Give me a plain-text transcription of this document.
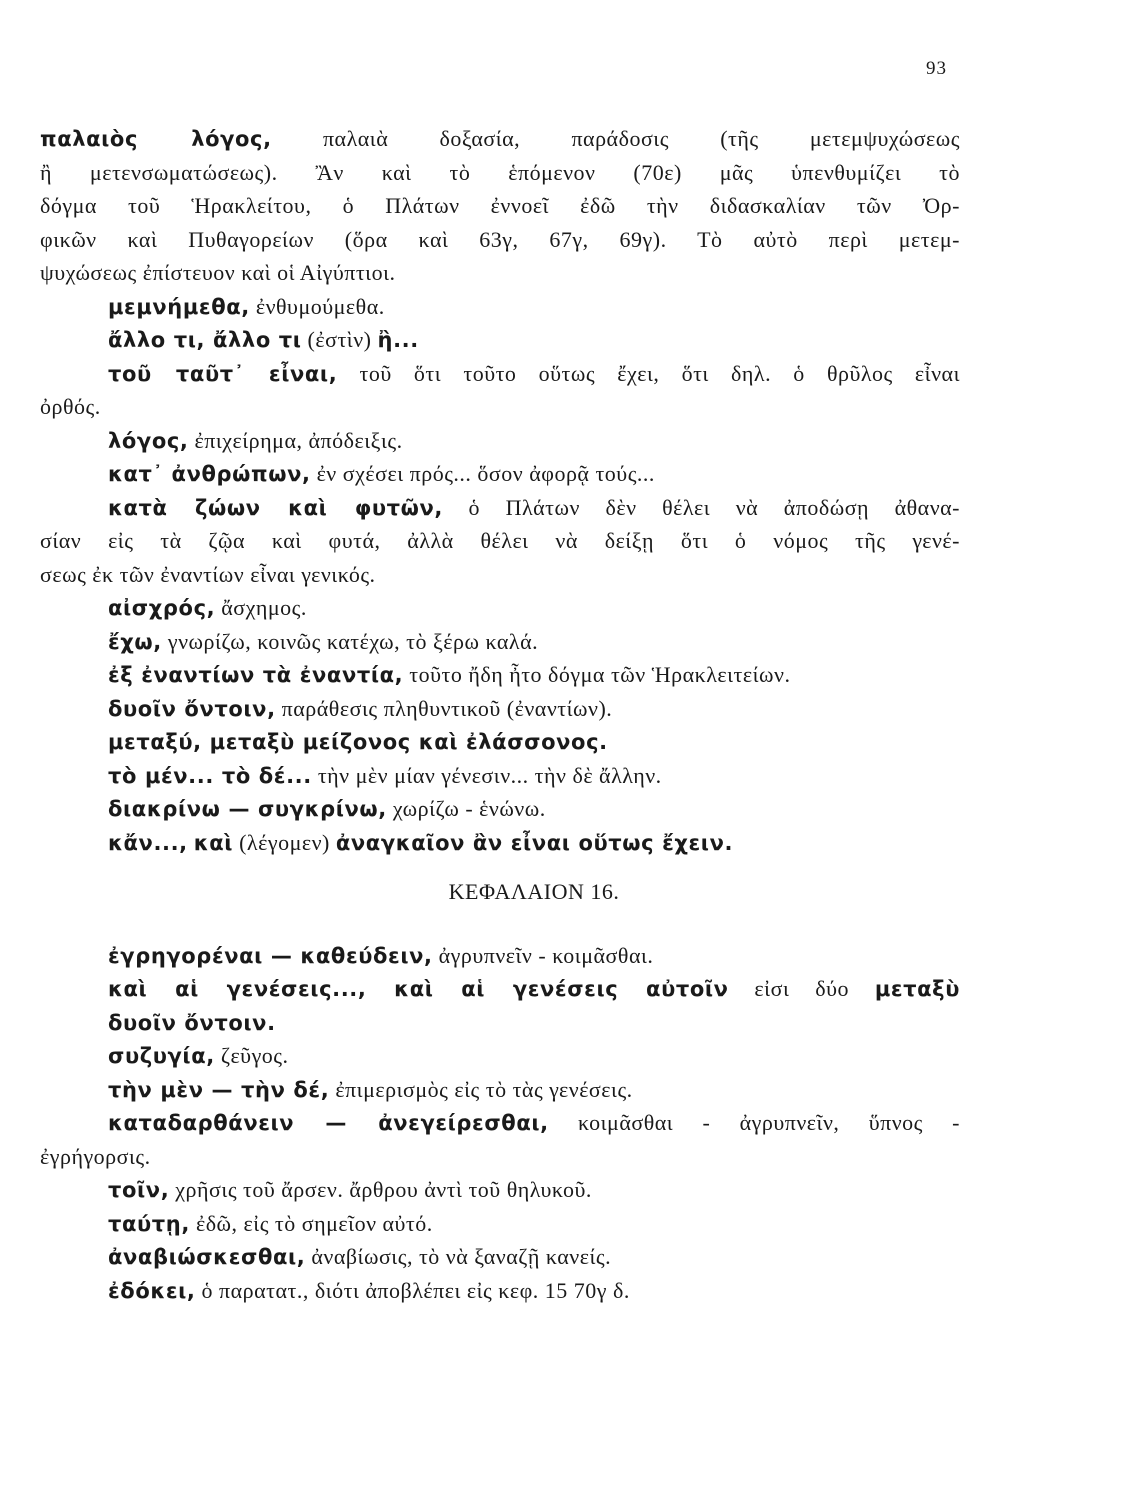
93
παλαιὸς λόγος, παλαιὰ δοξασία, παράδοσις (τῆς μετεμψυχώσεως
ἢ μετενσωματώσεως). Ἂν καὶ τὸ ἑπόμενον (70ε) μᾶς ὑπενθυμίζει τὸ
δόγμα τοῦ Ἡρακλείτου, ὁ Πλάτων ἐννοεῖ ἐδῶ τὴν διδασκαλίαν τῶν Ὀρ-
φικῶν καὶ Πυθαγορείων (ὅρα καὶ 63γ, 67γ, 69γ). Τὸ αὐτὸ περὶ μετεμ-
ψυχώσεως ἐπίστευον καὶ οἱ Αἰγύπτιοι.
μεμνήμεθα, ἐνθυμούμεθα.
ἄλλο τι, ἄλλο τι (ἐστὶν) ἢ...
τοῦ ταῦτ᾽ εἶναι, τοῦ ὅτι τοῦτο οὕτως ἔχει, ὅτι δηλ. ὁ θρῦλος εἶναι
ὀρθός.
λόγος, ἐπιχείρημα, ἀπόδειξις.
κατ᾽ ἀνθρώπων, ἐν σχέσει πρός... ὅσον ἀφορᾷ τούς...
κατὰ ζώων καὶ φυτῶν, ὁ Πλάτων δὲν θέλει νὰ ἀποδώσῃ ἀθανα-
σίαν εἰς τὰ ζῷα καὶ φυτά, ἀλλὰ θέλει νὰ δείξῃ ὅτι ὁ νόμος τῆς γενέ-
σεως ἐκ τῶν ἐναντίων εἶναι γενικός.
αἰσχρός, ἄσχημος.
ἔχω, γνωρίζω, κοινῶς κατέχω, τὸ ξέρω καλά.
ἐξ ἐναντίων τὰ ἐναντία, τοῦτο ἤδη ἦτο δόγμα τῶν Ἡρακλειτείων.
δυοῖν ὄντοιν, παράθεσις πληθυντικοῦ (ἐναντίων).
μεταξύ, μεταξὺ μείζονος καὶ ἐλάσσονος.
τὸ μέν... τὸ δέ... τὴν μὲν μίαν γένεσιν... τὴν δὲ ἄλλην.
διακρίνω — συγκρίνω, χωρίζω - ἑνώνω.
κἄν..., καὶ (λέγομεν) ἀναγκαῖον ἂν εἶναι οὕτως ἔχειν.
ΚΕΦΑΛΑΙΟΝ 16.
ἐγρηγορέναι — καθεύδειν, ἀγρυπνεῖν - κοιμᾶσθαι.
καὶ αἱ γενέσεις..., καὶ αἱ γενέσεις αὐτοῖν εἰσι δύο μεταξὺ
δυοῖν ὄντοιν.
συζυγία, ζεῦγος.
τὴν μὲν — τὴν δέ, ἐπιμερισμὸς εἰς τὸ τὰς γενέσεις.
καταδαρθάνειν — ἀνεγείρεσθαι, κοιμᾶσθαι - ἀγρυπνεῖν, ὕπνος -
ἐγρήγορσις.
τοῖν, χρῆσις τοῦ ἄρσεν. ἄρθρου ἀντὶ τοῦ θηλυκοῦ.
ταύτῃ, ἐδῶ, εἰς τὸ σημεῖον αὐτό.
ἀναβιώσκεσθαι, ἀναβίωσις, τὸ νὰ ξαναζῇ κανείς.
ἐδόκει, ὁ παρατατ., διότι ἀποβλέπει εἰς κεφ. 15 70γ δ.
